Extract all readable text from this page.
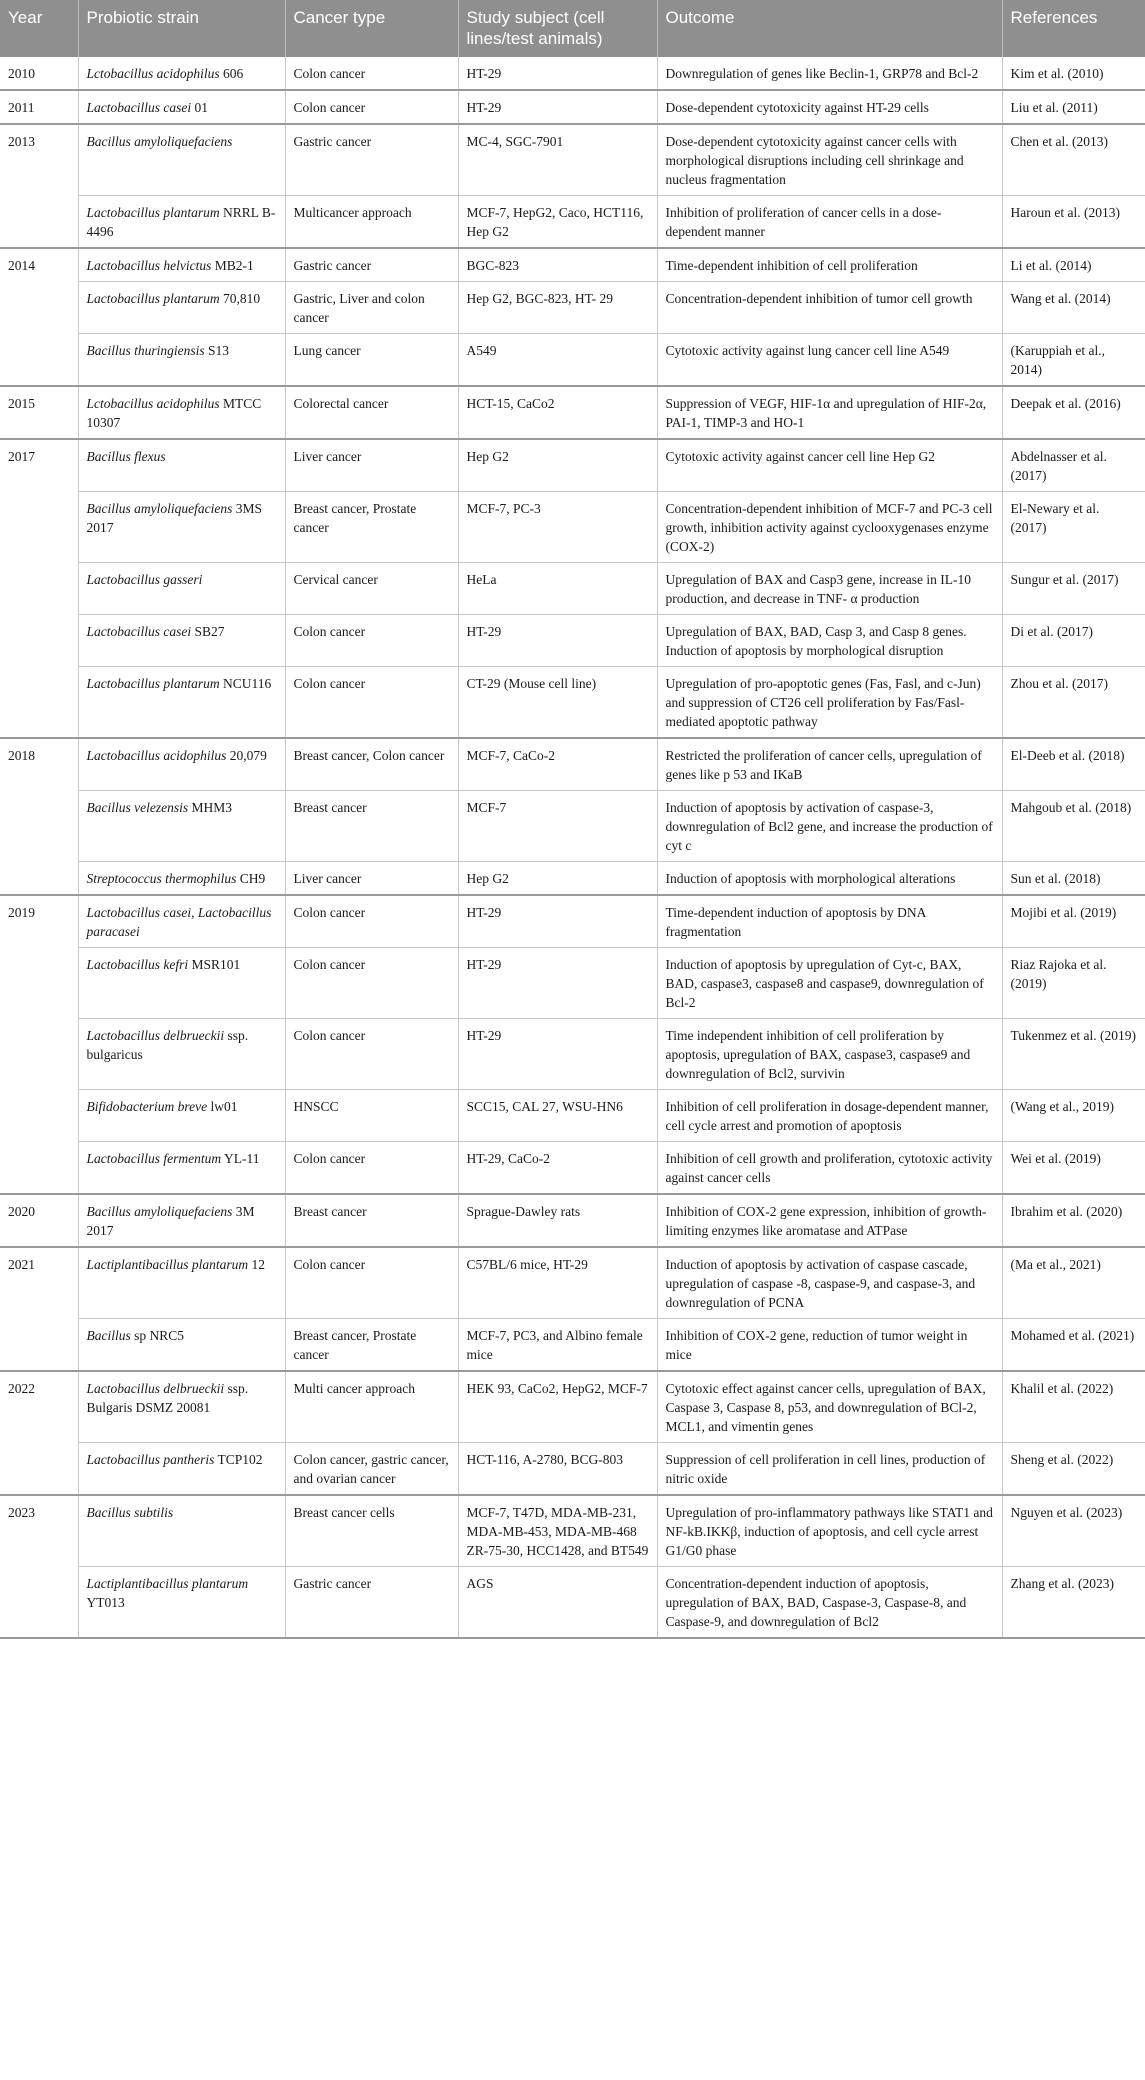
Year	Probiotic strain	Cancer type	Study subject (cell lines/test animals)	Outcome	References
2010	Lctobacillus acidophilus 606	Colon cancer	HT-29	Downregulation of genes like Beclin-1, GRP78 and Bcl-2	Kim et al. (2010)
2011	Lactobacillus casei 01	Colon cancer	HT-29	Dose-dependent cytotoxicity against HT-29 cells	Liu et al. (2011)
2013	Bacillus amyloliquefaciens	Gastric cancer	MC-4, SGC-7901	Dose-dependent cytotoxicity against cancer cells with morphological disruptions including cell shrinkage and nucleus fragmentation	Chen et al. (2013)
	Lactobacillus plantarum NRRL B-4496	Multicancer approach	MCF-7, HepG2, Caco, HCT116, Hep G2	Inhibition of proliferation of cancer cells in a dose-dependent manner	Haroun et al. (2013)
2014	Lactobacillus helvictus MB2-1	Gastric cancer	BGC-823	Time-dependent inhibition of cell proliferation	Li et al. (2014)
	Lactobacillus plantarum 70,810	Gastric, Liver and colon cancer	Hep G2, BGC-823, HT- 29	Concentration-dependent inhibition of tumor cell growth	Wang et al. (2014)
	Bacillus thuringiensis S13	Lung cancer	A549	Cytotoxic activity against lung cancer cell line A549	(Karuppiah et al., 2014)
2015	Lctobacillus acidophilus MTCC 10307	Colorectal cancer	HCT-15, CaCo2	Suppression of VEGF, HIF-1α and upregulation of HIF-2α, PAI-1, TIMP-3 and HO-1	Deepak et al. (2016)
2017	Bacillus flexus	Liver cancer	Hep G2	Cytotoxic activity against cancer cell line Hep G2	Abdelnasser et al. (2017)
	Bacillus amyloliquefaciens 3MS 2017	Breast cancer, Prostate cancer	MCF-7, PC-3	Concentration-dependent inhibition of MCF-7 and PC-3 cell growth, inhibition activity against cyclooxygenases enzyme (COX-2)	El-Newary et al. (2017)
	Lactobacillus gasseri	Cervical cancer	HeLa	Upregulation of BAX and Casp3 gene, increase in IL-10 production, and decrease in TNF- α production	Sungur et al. (2017)
	Lactobacillus casei SB27	Colon cancer	HT-29	Upregulation of BAX, BAD, Casp 3, and Casp 8 genes. Induction of apoptosis by morphological disruption	Di et al. (2017)
	Lactobacillus plantarum NCU116	Colon cancer	CT-29 (Mouse cell line)	Upregulation of pro-apoptotic genes (Fas, Fasl, and c-Jun) and suppression of CT26 cell proliferation by Fas/Fasl-mediated apoptotic pathway	Zhou et al. (2017)
2018	Lactobacillus acidophilus 20,079	Breast cancer, Colon cancer	MCF-7, CaCo-2	Restricted the proliferation of cancer cells, upregulation of genes like p 53 and IKaB	El-Deeb et al. (2018)
	Bacillus velezensis MHM3	Breast cancer	MCF-7	Induction of apoptosis by activation of caspase-3, downregulation of Bcl2 gene, and increase the production of cyt c	Mahgoub et al. (2018)
	Streptococcus thermophilus CH9	Liver cancer	Hep G2	Induction of apoptosis with morphological alterations	Sun et al. (2018)
2019	Lactobacillus casei, Lactobacillus paracasei	Colon cancer	HT-29	Time-dependent induction of apoptosis by DNA fragmentation	Mojibi et al. (2019)
	Lactobacillus kefri MSR101	Colon cancer	HT-29	Induction of apoptosis by upregulation of Cyt-c, BAX, BAD, caspase3, caspase8 and caspase9, downregulation of Bcl-2	Riaz Rajoka et al. (2019)
	Lactobacillus delbrueckii ssp. bulgaricus	Colon cancer	HT-29	Time independent inhibition of cell proliferation by apoptosis, upregulation of BAX, caspase3, caspase9 and downregulation of Bcl2, survivin	Tukenmez et al. (2019)
	Bifidobacterium breve lw01	HNSCC	SCC15, CAL 27, WSU-HN6	Inhibition of cell proliferation in dosage-dependent manner, cell cycle arrest and promotion of apoptosis	(Wang et al., 2019)
	Lactobacillus fermentum YL-11	Colon cancer	HT-29, CaCo-2	Inhibition of cell growth and proliferation, cytotoxic activity against cancer cells	Wei et al. (2019)
2020	Bacillus amyloliquefaciens 3M 2017	Breast cancer	Sprague-Dawley rats	Inhibition of COX-2 gene expression, inhibition of growth-limiting enzymes like aromatase and ATPase	Ibrahim et al. (2020)
2021	Lactiplantibacillus plantarum 12	Colon cancer	C57BL/6 mice, HT-29	Induction of apoptosis by activation of caspase cascade, upregulation of caspase -8, caspase-9, and caspase-3, and downregulation of PCNA	(Ma et al., 2021)
	Bacillus sp NRC5	Breast cancer, Prostate cancer	MCF-7, PC3, and Albino female mice	Inhibition of COX-2 gene, reduction of tumor weight in mice	Mohamed et al. (2021)
2022	Lactobacillus delbrueckii ssp. Bulgaris DSMZ 20081	Multi cancer approach	HEK 93, CaCo2, HepG2, MCF-7	Cytotoxic effect against cancer cells, upregulation of BAX, Caspase 3, Caspase 8, p53, and downregulation of BCl-2, MCL1, and vimentin genes	Khalil et al. (2022)
	Lactobacillus pantheris TCP102	Colon cancer, gastric cancer, and ovarian cancer	HCT-116, A-2780, BCG-803	Suppression of cell proliferation in cell lines, production of nitric oxide	Sheng et al. (2022)
2023	Bacillus subtilis	Breast cancer cells	MCF-7, T47D, MDA-MB-231, MDA-MB-453, MDA-MB-468 ZR-75-30, HCC1428, and BT549	Upregulation of pro-inflammatory pathways like STAT1 and NF-kB.IKKβ, induction of apoptosis, and cell cycle arrest G1/G0 phase	Nguyen et al. (2023)
	Lactiplantibacillus plantarum YT013	Gastric cancer	AGS	Concentration-dependent induction of apoptosis, upregulation of BAX, BAD, Caspase-3, Caspase-8, and Caspase-9, and downregulation of Bcl2	Zhang et al. (2023)
